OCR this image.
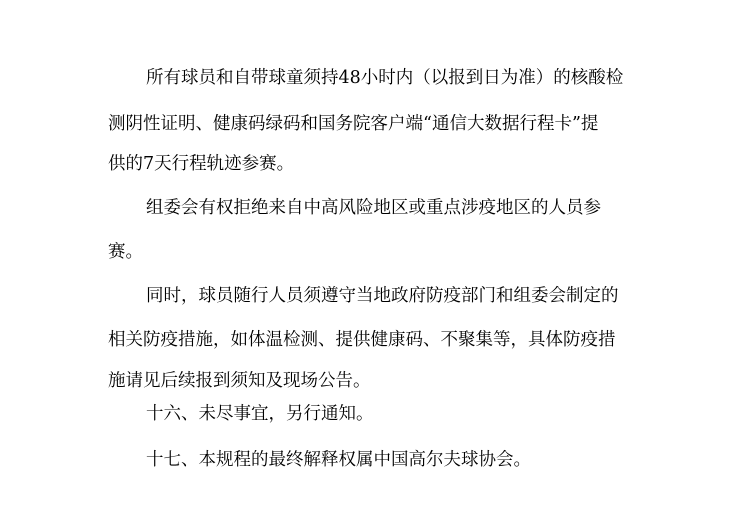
所有球员和自带球童须持48小时内（以报到日为准）的核酸检
测阴性证明、健康码绿码和国务院客户端“通信大数据行程卡”提
供的7天行程轨迹参赛。
组委会有权拒绝来自中高风险地区或重点涉疫地区的人员参
赛。
同时，球员随行人员须遵守当地政府防疫部门和组委会制定的
相关防疫措施，如体温检测、提供健康码、不聚集等，具体防疫措
施请见后续报到须知及现场公告。
十六、未尽事宜，另行通知。
十七、本规程的最终解释权属中国高尔夫球协会。
